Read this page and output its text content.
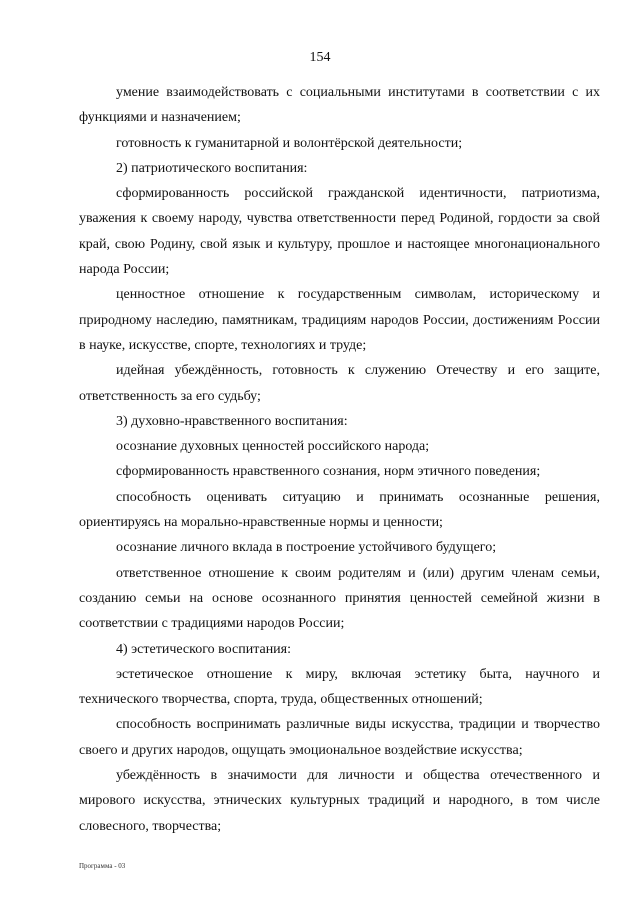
154

умение взаимодействовать с социальными институтами в соответствии с их функциями и назначением;

готовность к гуманитарной и волонтёрской деятельности;

2) патриотического воспитания:

сформированность российской гражданской идентичности, патриотизма, уважения к своему народу, чувства ответственности перед Родиной, гордости за свой край, свою Родину, свой язык и культуру, прошлое и настоящее многонационального народа России;

ценностное отношение к государственным символам, историческому и природному наследию, памятникам, традициям народов России, достижениям России в науке, искусстве, спорте, технологиях и труде;

идейная убеждённость, готовность к служению Отечеству и его защите, ответственность за его судьбу;

3) духовно-нравственного воспитания:

осознание духовных ценностей российского народа;

сформированность нравственного сознания, норм этичного поведения;

способность оценивать ситуацию и принимать осознанные решения, ориентируясь на морально-нравственные нормы и ценности;

осознание личного вклада в построение устойчивого будущего;

ответственное отношение к своим родителям и (или) другим членам семьи, созданию семьи на основе осознанного принятия ценностей семейной жизни в соответствии с традициями народов России;

4) эстетического воспитания:

эстетическое отношение к миру, включая эстетику быта, научного и технического творчества, спорта, труда, общественных отношений;

способность воспринимать различные виды искусства, традиции и творчество своего и других народов, ощущать эмоциональное воздействие искусства;

убеждённость в значимости для личности и общества отечественного и мирового искусства, этнических культурных традиций и народного, в том числе словесного, творчества;

Программа - 03
